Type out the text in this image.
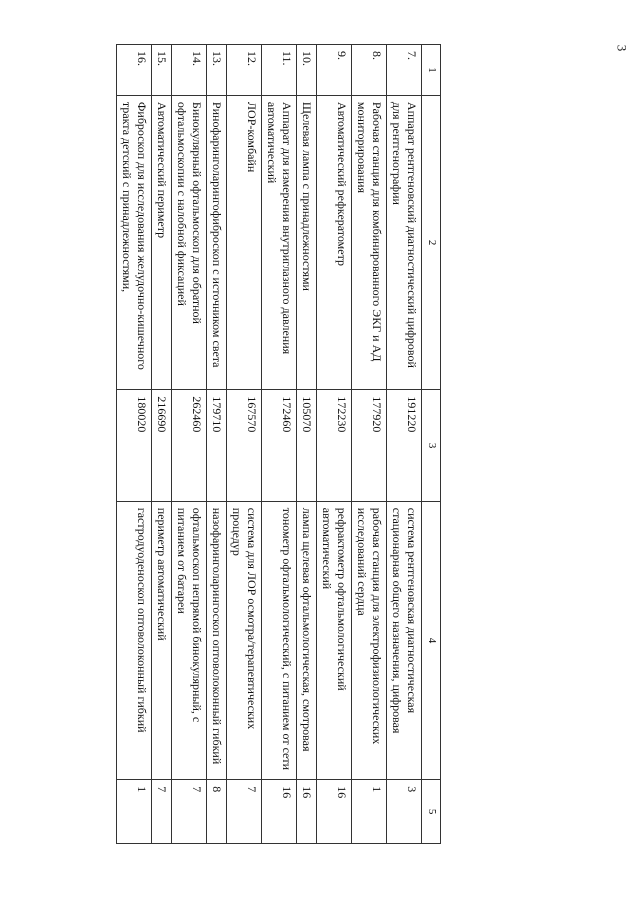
3
1	2	3	4	5
7.	Аппарат рентгеновский диагностический цифровой для рентгенографии	191220	система рентгеновская диагностическая стационарная общего назначения, цифровая	3
8.	Рабочая станция для комбинированного ЭКГ и АД мониторирования	177920	рабочая станция для электрофизиологических исследований сердца	1
9.	Автоматический рефкератометр	172230	рефрактометр офтальмологический автоматический	16
10.	Щелевая лампа с принадлежностями	105070	лампа щелевая офтальмологическая, смотровая	16
11.	Аппарат для измерения внутриглазного давления автоматический	172460	тонометр офтальмологический, с питанием от сети	16
12.	ЛОР-комбайн	167570	система для ЛОР осмотра/терапевтических процедур	7
13.	Ринофаринголарингофиброскоп с источником света	179710	назофаринголарингоскоп оптоволоконный гибкий	8
14.	Бинокулярный офтальмоскоп для обратной офтальмоскопии с налобной фиксацией	262460	офтальмоскоп непрямой бинокулярный, с питанием от батареи	7
15.	Автоматический периметр	216690	периметр автоматический	7
16.	Фиброскоп для исследования желудочно-кишечного тракта детский с принадлежностями,	180020	гастродуоденоскоп оптоволоконный гибкий	1
